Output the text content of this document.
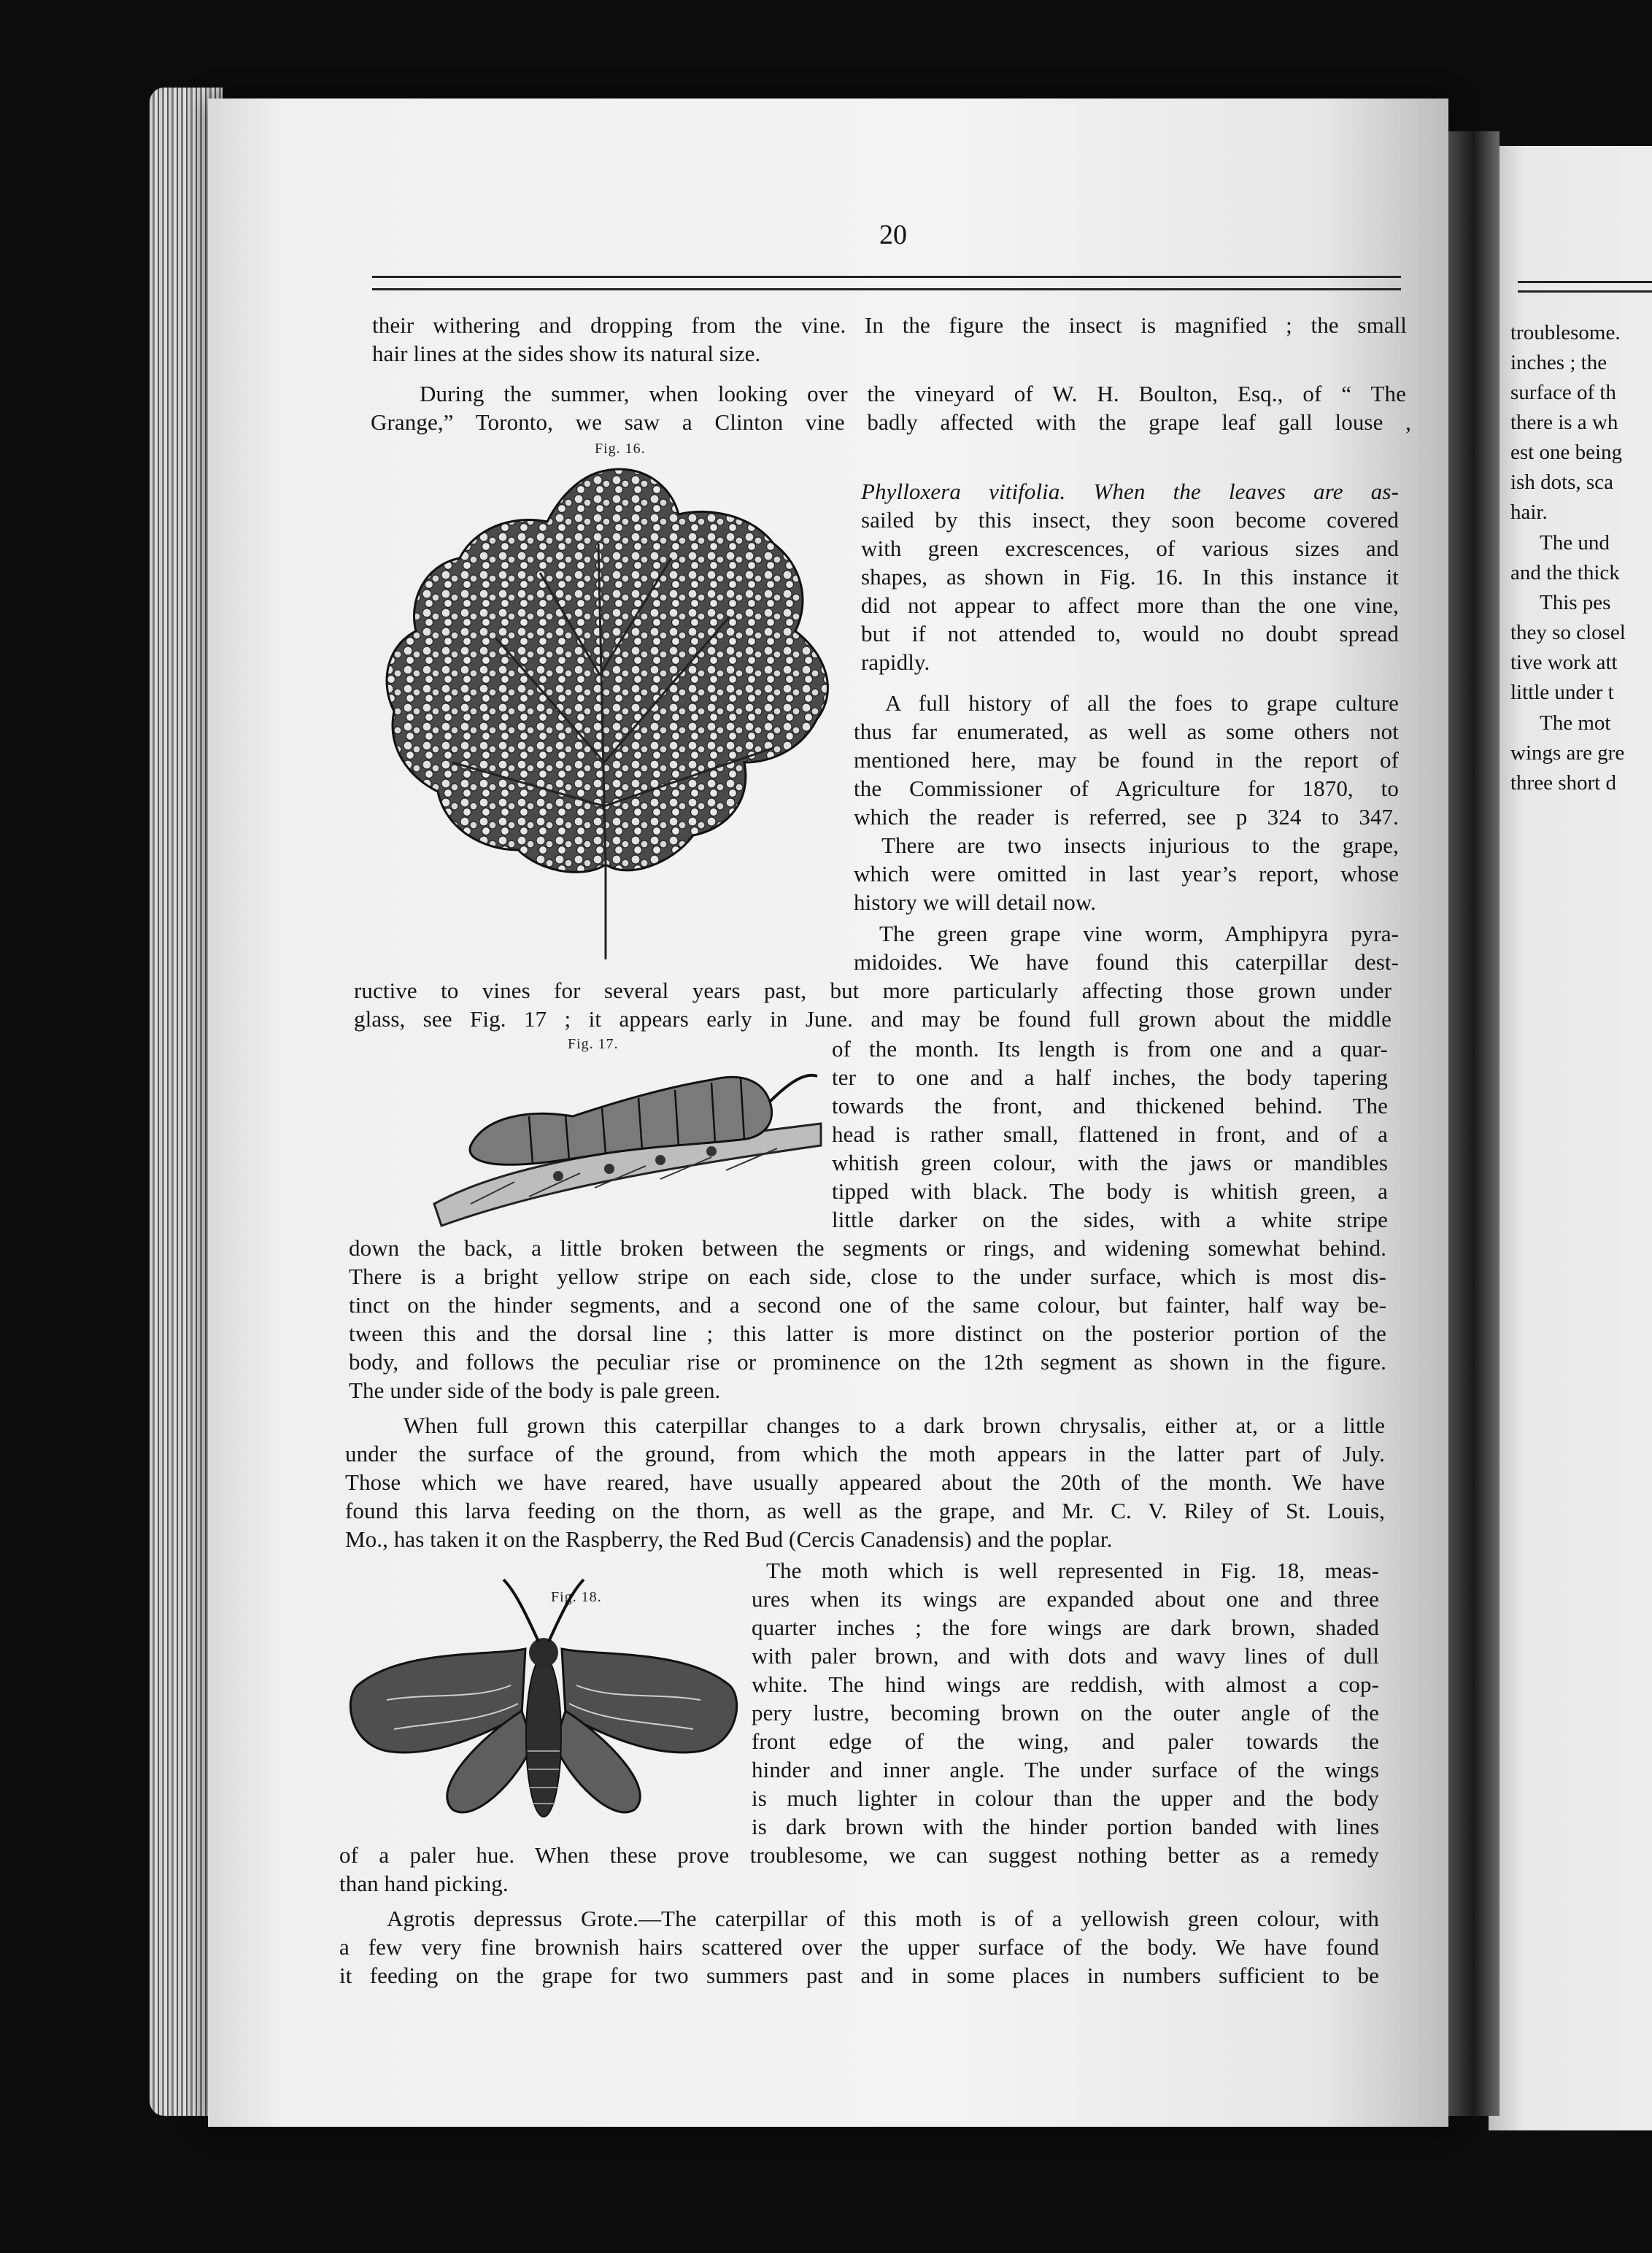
troublesome.
inches ; the
surface of th
there is a wh
est one being
ish dots, sca
hair.
The und
and the thick
This pes
they so closel
tive work att
little under t
The mot
wings are gre
three short d
20
Fig. 16.
Fig. 17.
Fig. 18.
their withering and dropping from the vine. In the figure the insect is magnified ; the small
hair lines at the sides show its natural size.
During the summer, when looking over the vineyard of W. H. Boulton, Esq., of “ The
Grange,” Toronto, we saw a Clinton vine badly affected with the grape leaf gall louse ,
Phylloxera vitifolia. When the leaves are as-
sailed by this insect, they soon become covered
with green excrescences, of various sizes and
shapes, as shown in Fig. 16. In this instance it
did not appear to affect more than the one vine,
but if not attended to, would no doubt spread
rapidly.
A full history of all the foes to grape culture
thus far enumerated, as well as some others not
mentioned here, may be found in the report of
the Commissioner of Agriculture for 1870, to
which the reader is referred, see p 324 to 347.
There are two insects injurious to the grape,
which were omitted in last year’s report, whose
history we will detail now.
The green grape vine worm, Amphipyra pyra-
midoides. We have found this caterpillar dest-
ructive to vines for several years past, but more particularly affecting those grown under
glass, see Fig. 17 ; it appears early in June. and may be found full grown about the middle
of the month. Its length is from one and a quar-
ter to one and a half inches, the body tapering
towards the front, and thickened behind. The
head is rather small, flattened in front, and of a
whitish green colour, with the jaws or mandibles
tipped with black. The body is whitish green, a
little darker on the sides, with a white stripe
down the back, a little broken between the segments or rings, and widening somewhat behind.
There is a bright yellow stripe on each side, close to the under surface, which is most dis-
tinct on the hinder segments, and a second one of the same colour, but fainter, half way be-
tween this and the dorsal line ; this latter is more distinct on the posterior portion of the
body, and follows the peculiar rise or prominence on the 12th segment as shown in the figure.
The under side of the body is pale green.
When full grown this caterpillar changes to a dark brown chrysalis, either at, or a little
under the surface of the ground, from which the moth appears in the latter part of July.
Those which we have reared, have usually appeared about the 20th of the month. We have
found this larva feeding on the thorn, as well as the grape, and Mr. C. V. Riley of St. Louis,
Mo., has taken it on the Raspberry, the Red Bud (Cercis Canadensis) and the poplar.
The moth which is well represented in Fig. 18, meas-
ures when its wings are expanded about one and three
quarter inches ; the fore wings are dark brown, shaded
with paler brown, and with dots and wavy lines of dull
white. The hind wings are reddish, with almost a cop-
pery lustre, becoming brown on the outer angle of the
front edge of the wing, and paler towards the
hinder and inner angle. The under surface of the wings
is much lighter in colour than the upper and the body
is dark brown with the hinder portion banded with lines
of a paler hue. When these prove troublesome, we can suggest nothing better as a remedy
than hand picking.
Agrotis depressus Grote.—The caterpillar of this moth is of a yellowish green colour, with
a few very fine brownish hairs scattered over the upper surface of the body. We have found
it feeding on the grape for two summers past and in some places in numbers sufficient to be
